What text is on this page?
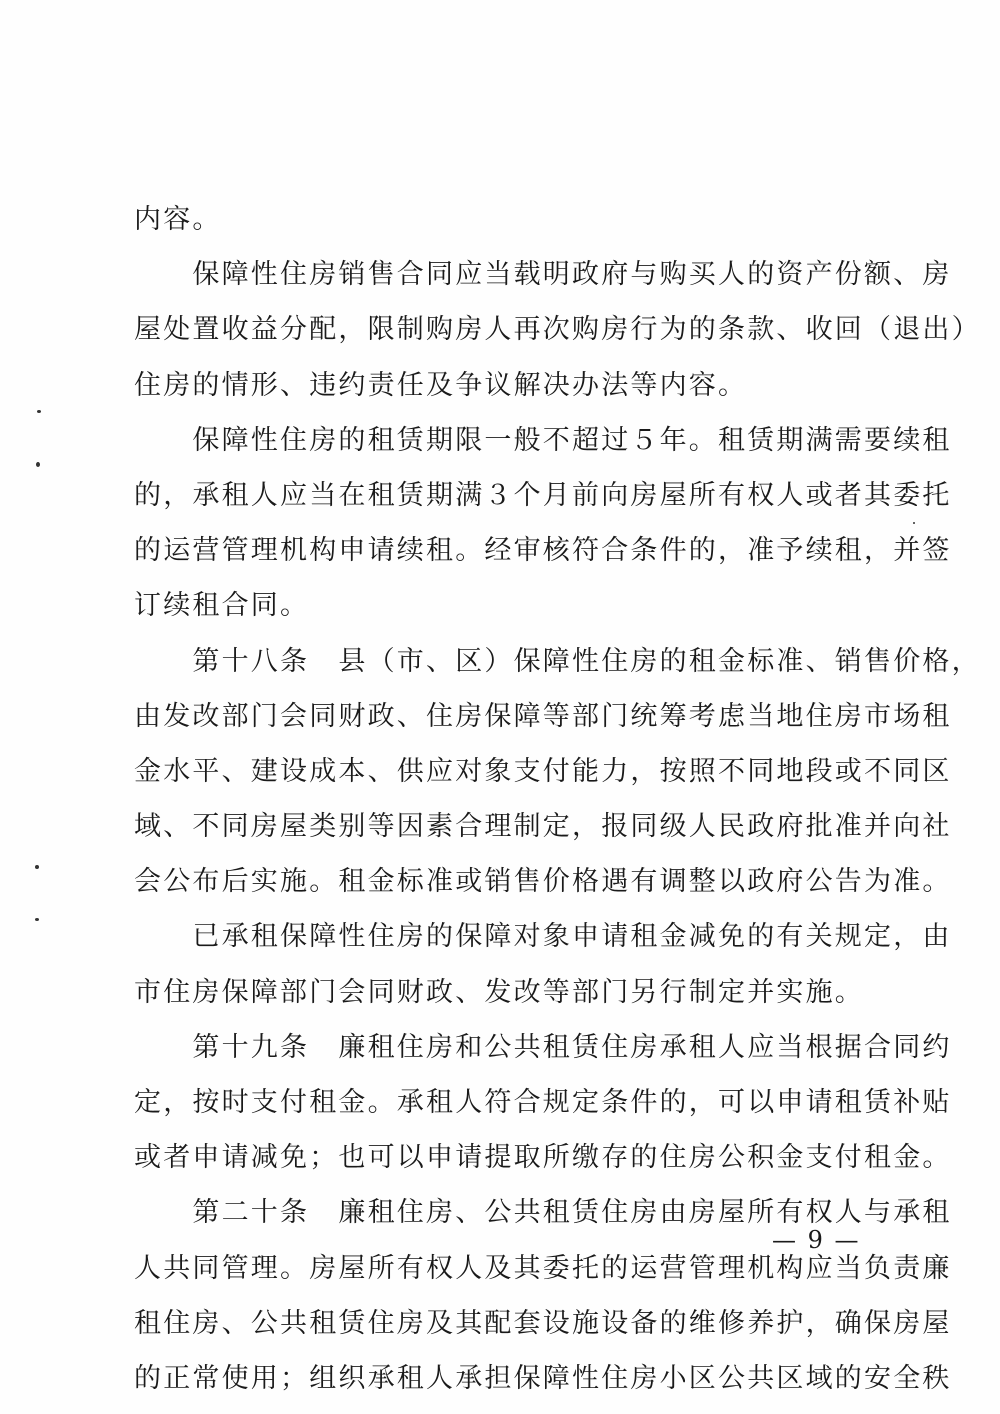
内容。
　　保障性住房销售合同应当载明政府与购买人的资产份额、房
屋处置收益分配，限制购房人再次购房行为的条款、收回（退出）
住房的情形、违约责任及争议解决办法等内容。
　　保障性住房的租赁期限一般不超过５年。租赁期满需要续租
的，承租人应当在租赁期满３个月前向房屋所有权人或者其委托
的运营管理机构申请续租。经审核符合条件的，准予续租，并签
订续租合同。
　　第十八条　县（市、区）保障性住房的租金标准、销售价格，
由发改部门会同财政、住房保障等部门统筹考虑当地住房市场租
金水平、建设成本、供应对象支付能力，按照不同地段或不同区
域、不同房屋类别等因素合理制定，报同级人民政府批准并向社
会公布后实施。租金标准或销售价格遇有调整以政府公告为准。
　　已承租保障性住房的保障对象申请租金减免的有关规定，由
市住房保障部门会同财政、发改等部门另行制定并实施。
　　第十九条　廉租住房和公共租赁住房承租人应当根据合同约
定，按时支付租金。承租人符合规定条件的，可以申请租赁补贴
或者申请减免；也可以申请提取所缴存的住房公积金支付租金。
　　第二十条　廉租住房、公共租赁住房由房屋所有权人与承租
人共同管理。房屋所有权人及其委托的运营管理机构应当负责廉
租住房、公共租赁住房及其配套设施设备的维修养护，确保房屋
的正常使用；组织承租人承担保障性住房小区公共区域的安全秩
— 9 —
